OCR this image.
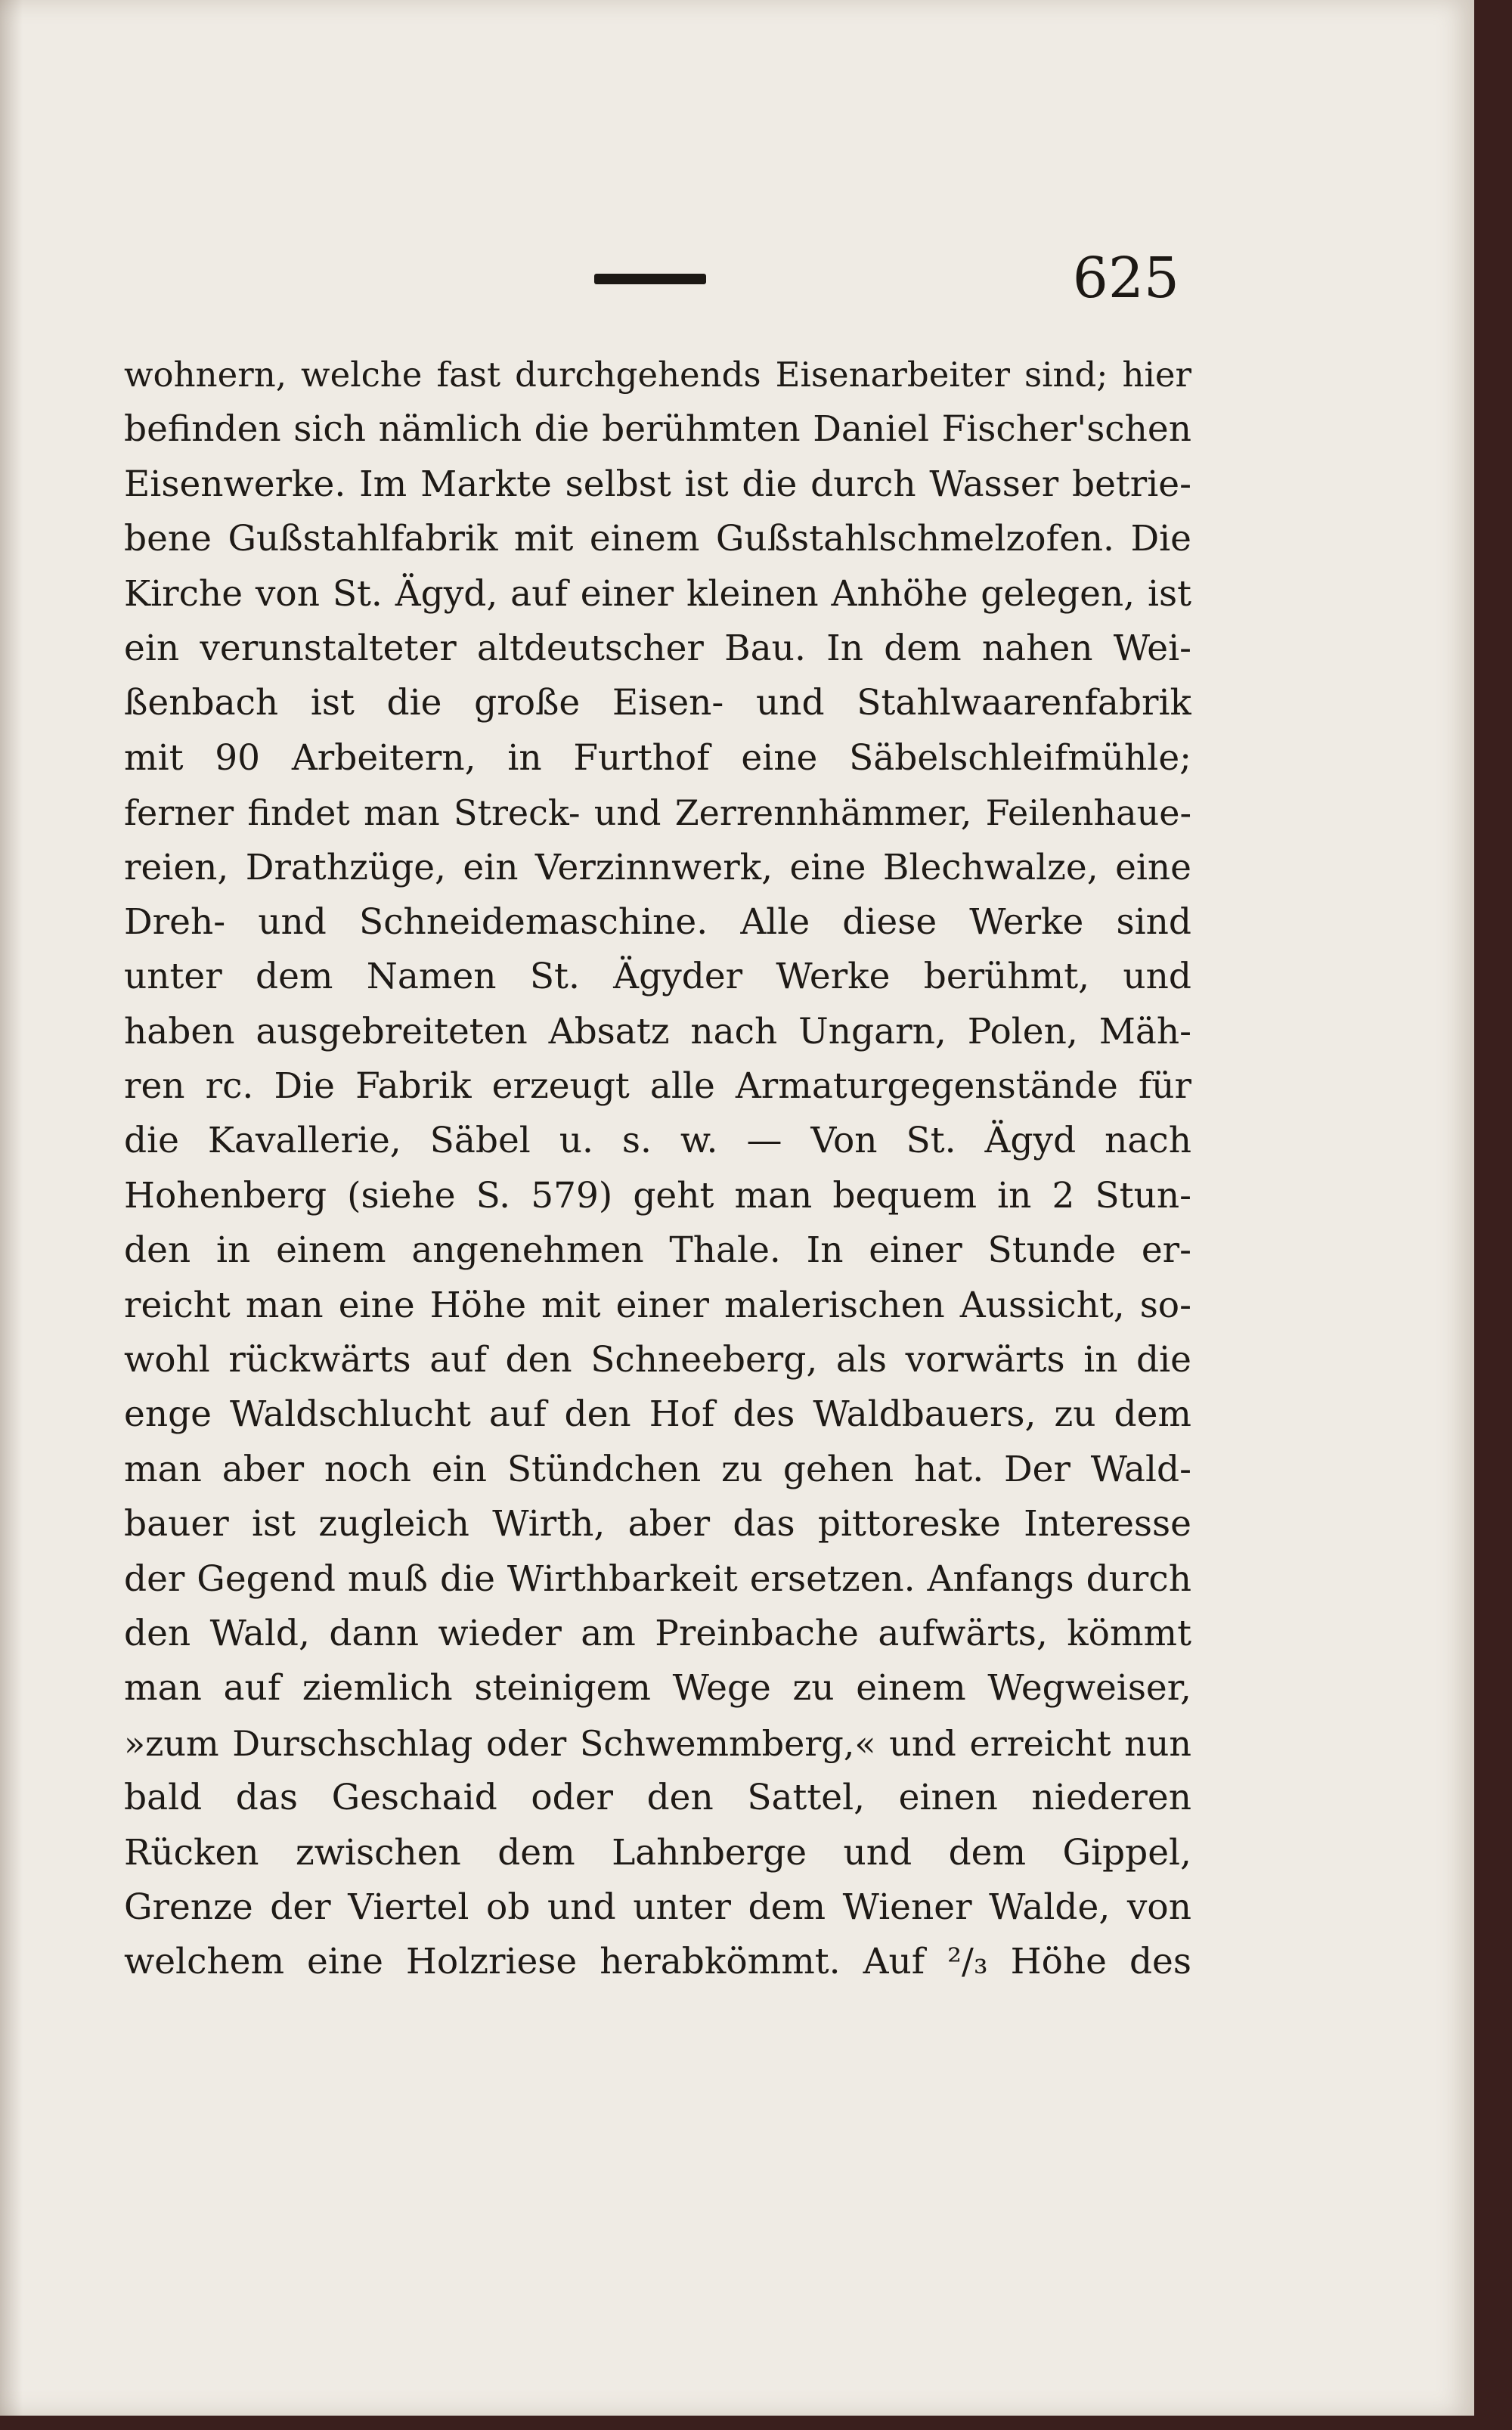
625
wohnern, welche fast durchgehends Eisenarbeiter sind; hier
befinden sich nämlich die berühmten Daniel Fischer'schen
Eisenwerke. Im Markte selbst ist die durch Wasser betrie-
bene Gußstahlfabrik mit einem Gußstahlschmelzofen. Die
Kirche von St. Ägyd, auf einer kleinen Anhöhe gelegen, ist
ein verunstalteter altdeutscher Bau. In dem nahen Wei-
ßenbach ist die große Eisen- und Stahlwaarenfabrik
mit 90 Arbeitern, in Furthof eine Säbelschleifmühle;
ferner findet man Streck- und Zerrennhämmer, Feilenhaue-
reien, Drathzüge, ein Verzinnwerk, eine Blechwalze, eine
Dreh- und Schneidemaschine. Alle diese Werke sind
unter dem Namen St. Ägyder Werke berühmt, und
haben ausgebreiteten Absatz nach Ungarn, Polen, Mäh-
ren rc. Die Fabrik erzeugt alle Armaturgegenstände für
die Kavallerie, Säbel u. s. w. — Von St. Ägyd nach
Hohenberg (siehe S. 579) geht man bequem in 2 Stun-
den in einem angenehmen Thale. In einer Stunde er-
reicht man eine Höhe mit einer malerischen Aussicht, so-
wohl rückwärts auf den Schneeberg, als vorwärts in die
enge Waldschlucht auf den Hof des Waldbauers, zu dem
man aber noch ein Stündchen zu gehen hat. Der Wald-
bauer ist zugleich Wirth, aber das pittoreske Interesse
der Gegend muß die Wirthbarkeit ersetzen. Anfangs durch
den Wald, dann wieder am Preinbache aufwärts, kömmt
man auf ziemlich steinigem Wege zu einem Wegweiser,
»zum Durschschlag oder Schwemmberg,« und erreicht nun
bald das Geschaid oder den Sattel, einen niederen
Rücken zwischen dem Lahnberge und dem Gippel,
Grenze der Viertel ob und unter dem Wiener Walde, von
welchem eine Holzriese herabkömmt. Auf ²/₃ Höhe des
